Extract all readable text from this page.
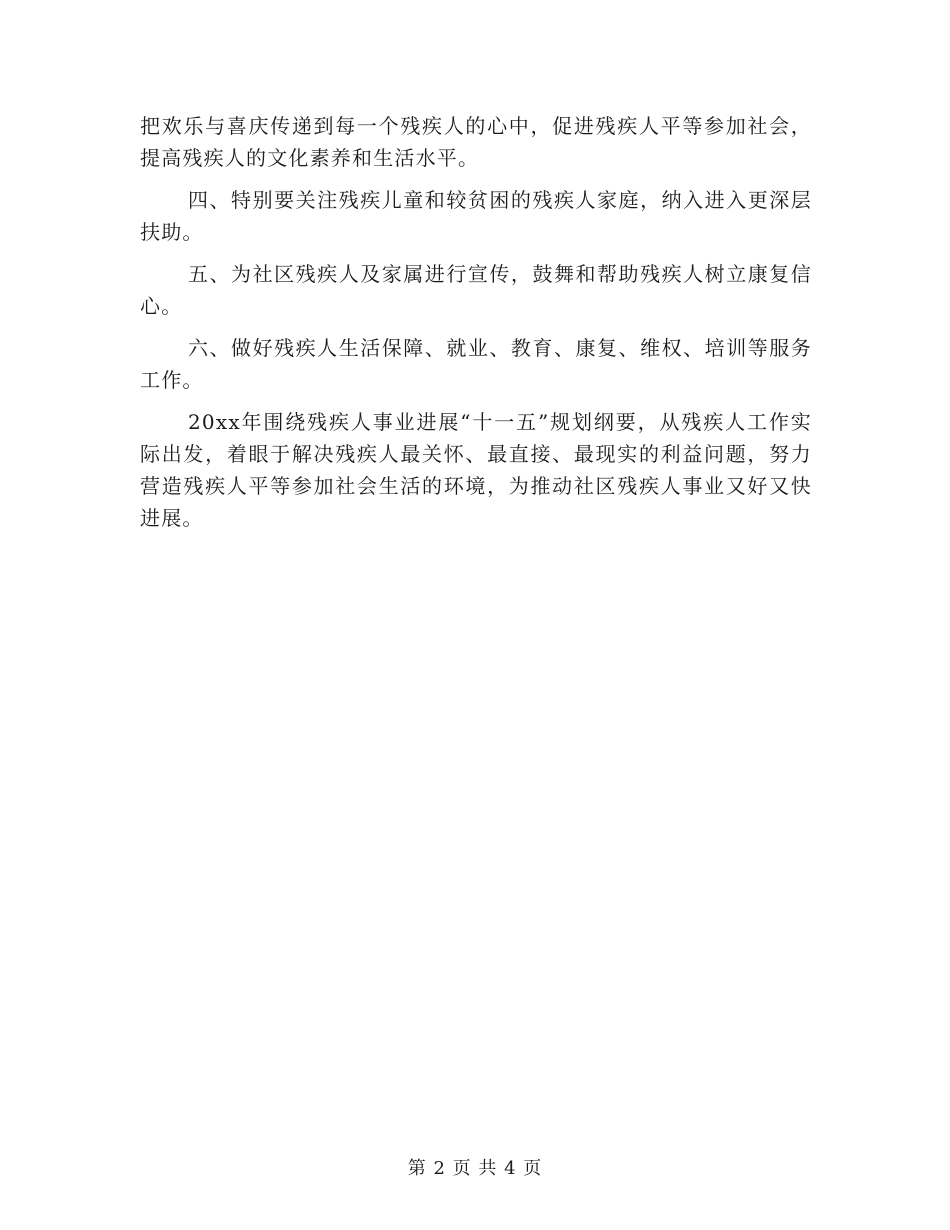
把欢乐与喜庆传递到每一个残疾人的心中，促进残疾人平等参加社会，提高残疾人的文化素养和生活水平。

四、特别要关注残疾儿童和较贫困的残疾人家庭，纳入进入更深层扶助。

五、为社区残疾人及家属进行宣传，鼓舞和帮助残疾人树立康复信心。

六、做好残疾人生活保障、就业、教育、康复、维权、培训等服务工作。

20xx年围绕残疾人事业进展“十一五”规划纲要，从残疾人工作实际出发，着眼于解决残疾人最关怀、最直接、最现实的利益问题，努力营造残疾人平等参加社会生活的环境，为推动社区残疾人事业又好又快进展。

第 2 页 共 4 页
